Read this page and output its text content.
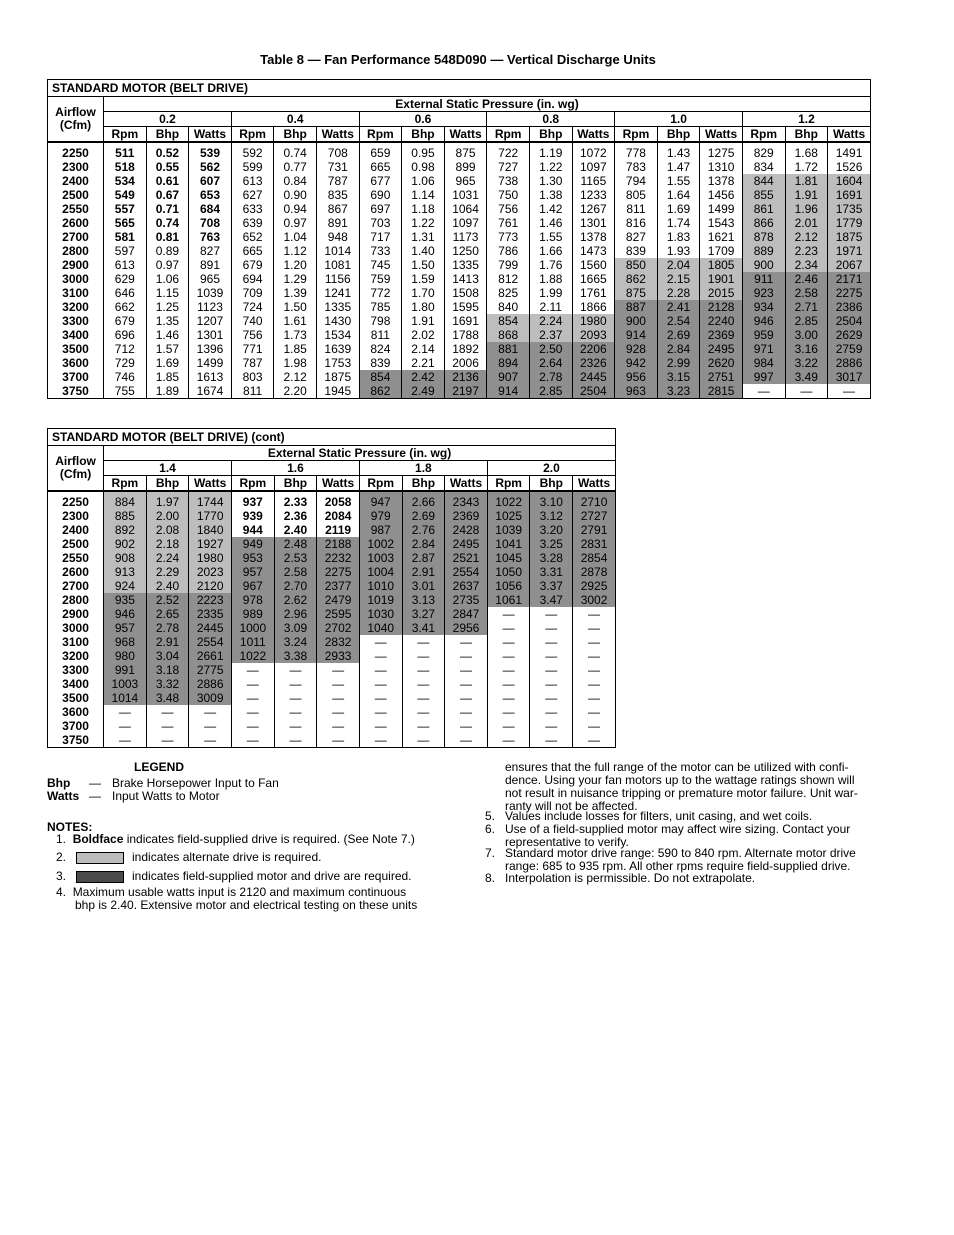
Table 8 — Fan Performance 548D090 — Vertical Discharge Units
STANDARD MOTOR (BELT DRIVE)																		

Airflow
(Cfm)	External Static Pressure (in. wg)																	
	0.2			0.4			0.6			0.8			1.0			1.2		
	Rpm	Bhp	Watts	Rpm	Bhp	Watts	Rpm	Bhp	Watts	Rpm	Bhp	Watts	Rpm	Bhp	Watts	Rpm	Bhp	Watts
2250	511	0.52	539	592	0.74	708	659	0.95	875	722	1.19	1072	778	1.43	1275	829	1.68	1491
2300	518	0.55	562	599	0.77	731	665	0.98	899	727	1.22	1097	783	1.47	1310	834	1.72	1526
2400	534	0.61	607	613	0.84	787	677	1.06	965	738	1.30	1165	794	1.55	1378	844	1.81	1604
2500	549	0.67	653	627	0.90	835	690	1.14	1031	750	1.38	1233	805	1.64	1456	855	1.91	1691
2550	557	0.71	684	633	0.94	867	697	1.18	1064	756	1.42	1267	811	1.69	1499	861	1.96	1735
2600	565	0.74	708	639	0.97	891	703	1.22	1097	761	1.46	1301	816	1.74	1543	866	2.01	1779
2700	581	0.81	763	652	1.04	948	717	1.31	1173	773	1.55	1378	827	1.83	1621	878	2.12	1875
2800	597	0.89	827	665	1.12	1014	733	1.40	1250	786	1.66	1473	839	1.93	1709	889	2.23	1971
2900	613	0.97	891	679	1.20	1081	745	1.50	1335	799	1.76	1560	850	2.04	1805	900	2.34	2067
3000	629	1.06	965	694	1.29	1156	759	1.59	1413	812	1.88	1665	862	2.15	1901	911	2.46	2171
3100	646	1.15	1039	709	1.39	1241	772	1.70	1508	825	1.99	1761	875	2.28	2015	923	2.58	2275
3200	662	1.25	1123	724	1.50	1335	785	1.80	1595	840	2.11	1866	887	2.41	2128	934	2.71	2386
3300	679	1.35	1207	740	1.61	1430	798	1.91	1691	854	2.24	1980	900	2.54	2240	946	2.85	2504
3400	696	1.46	1301	756	1.73	1534	811	2.02	1788	868	2.37	2093	914	2.69	2369	959	3.00	2629
3500	712	1.57	1396	771	1.85	1639	824	2.14	1892	881	2.50	2206	928	2.84	2495	971	3.16	2759
3600	729	1.69	1499	787	1.98	1753	839	2.21	2006	894	2.64	2326	942	2.99	2620	984	3.22	2886
3700	746	1.85	1613	803	2.12	1875	854	2.42	2136	907	2.78	2445	956	3.15	2751	997	3.49	3017
3750	755	1.89	1674	811	2.20	1945	862	2.49	2197	914	2.85	2504	963	3.23	2815	—	—	—
STANDARD MOTOR (BELT DRIVE) (cont)												

Airflow
(Cfm)	External Static Pressure (in. wg)											
	1.4			1.6			1.8			2.0		
	Rpm	Bhp	Watts	Rpm	Bhp	Watts	Rpm	Bhp	Watts	Rpm	Bhp	Watts
2250	884	1.97	1744	937	2.33	2058	947	2.66	2343	1022	3.10	2710
2300	885	2.00	1770	939	2.36	2084	979	2.69	2369	1025	3.12	2727
2400	892	2.08	1840	944	2.40	2119	987	2.76	2428	1039	3.20	2791
2500	902	2.18	1927	949	2.48	2188	1002	2.84	2495	1041	3.25	2831
2550	908	2.24	1980	953	2.53	2232	1003	2.87	2521	1045	3.28	2854
2600	913	2.29	2023	957	2.58	2275	1004	2.91	2554	1050	3.31	2878
2700	924	2.40	2120	967	2.70	2377	1010	3.01	2637	1056	3.37	2925
2800	935	2.52	2223	978	2.62	2479	1019	3.13	2735	1061	3.47	3002
2900	946	2.65	2335	989	2.96	2595	1030	3.27	2847	—	—	—
3000	957	2.78	2445	1000	3.09	2702	1040	3.41	2956	—	—	—
3100	968	2.91	2554	1011	3.24	2832	—	—	—	—	—	—
3200	980	3.04	2661	1022	3.38	2933	—	—	—	—	—	—
3300	991	3.18	2775	—	—	—	—	—	—	—	—	—
3400	1003	3.32	2886	—	—	—	—	—	—	—	—	—
3500	1014	3.48	3009	—	—	—	—	—	—	—	—	—
3600	—	—	—	—	—	—	—	—	—	—	—	—
3700	—	—	—	—	—	—	—	—	—	—	—	—
3750	—	—	—	—	—	—	—	—	—	—	—	—
LEGEND
Bhp — Brake Horsepower Input to Fan
Watts — Input Watts to Motor
NOTES:
1. Boldface indicates field-supplied drive is required. (See Note 7.)
2.	indicates alternate drive is required.
3.	indicates field-supplied motor and drive are required.
4. Maximum usable watts input is 2120 and maximum continuous
bhp is 2.40. Extensive motor and electrical testing on these units
ensures that the full range of the motor can be utilized with confi-
dence. Using your fan motors up to the wattage ratings shown will
not result in nuisance tripping or premature motor failure. Unit war-
ranty will not be affected.
5. Values include losses for filters, unit casing, and wet coils.
6. Use of a field-supplied motor may affect wire sizing. Contact your
representative to verify.
7. Standard motor drive range: 590 to 840 rpm. Alternate motor drive
range: 685 to 935 rpm. All other rpms require field-supplied drive.
8. Interpolation is permissible. Do not extrapolate.
